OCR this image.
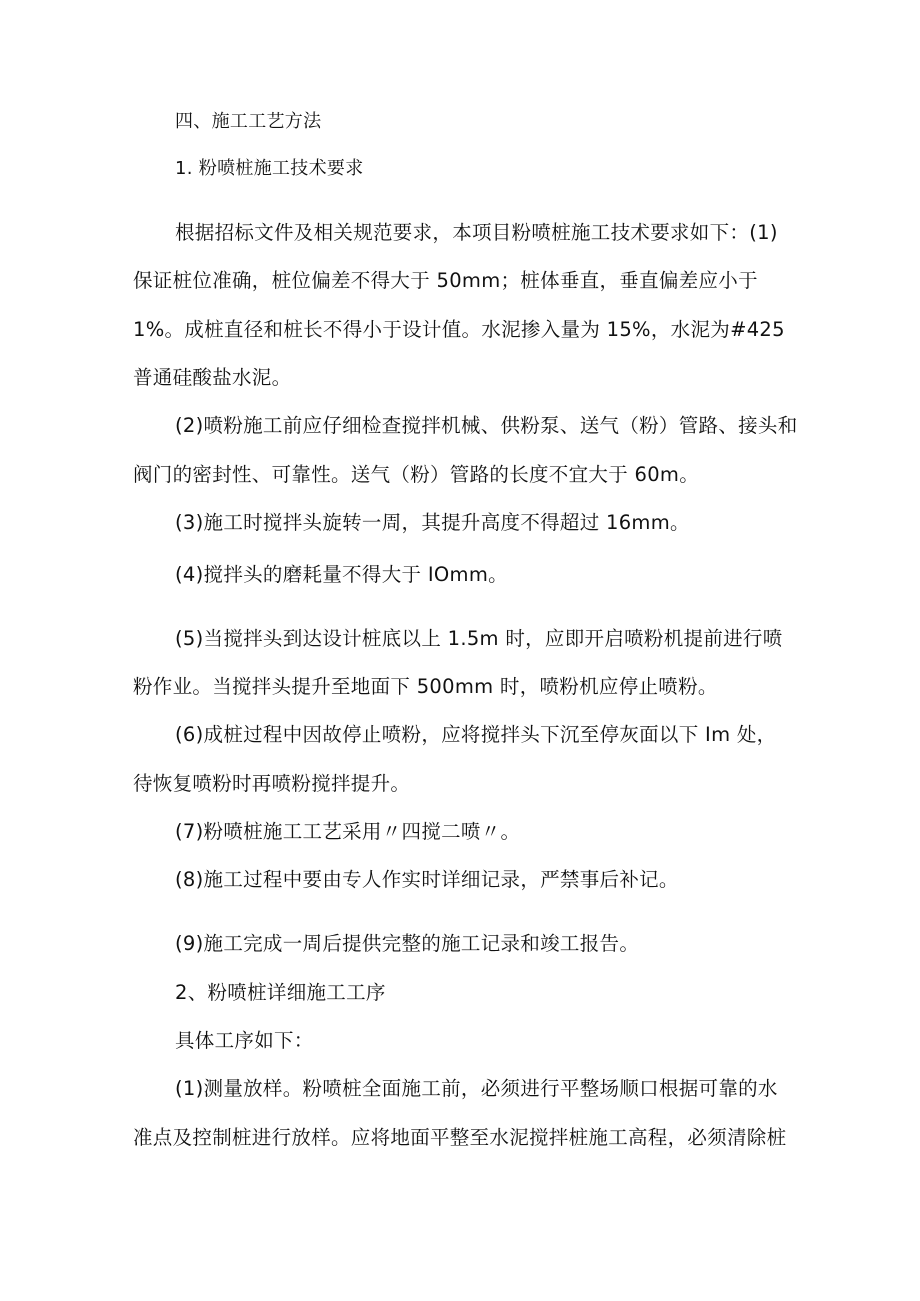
四、施工工艺方法
1. 粉喷桩施工技术要求
根据招标文件及相关规范要求，本项目粉喷桩施工技术要求如下：(1)
保证桩位准确，桩位偏差不得大于 50mm；桩体垂直，垂直偏差应小于
1%。成桩直径和桩长不得小于设计值。水泥掺入量为 15%，水泥为#425
普通硅酸盐水泥。
(2)喷粉施工前应仔细检查搅拌机械、供粉泵、送气（粉）管路、接头和
阀门的密封性、可靠性。送气（粉）管路的长度不宜大于 60m。
(3)施工时搅拌头旋转一周，其提升高度不得超过 16mm。
(4)搅拌头的磨耗量不得大于 IOmm。
(5)当搅拌头到达设计桩底以上 1.5m 时，应即开启喷粉机提前进行喷
粉作业。当搅拌头提升至地面下 500mm 时，喷粉机应停止喷粉。
(6)成桩过程中因故停止喷粉，应将搅拌头下沉至停灰面以下 Im 处，
待恢复喷粉时再喷粉搅拌提升。
(7)粉喷桩施工工艺采用〃四搅二喷〃。
(8)施工过程中要由专人作实时详细记录，严禁事后补记。
(9)施工完成一周后提供完整的施工记录和竣工报告。
2、粉喷桩详细施工工序
具体工序如下：
(1)测量放样。粉喷桩全面施工前，必须进行平整场顺口根据可靠的水
准点及控制桩进行放样。应将地面平整至水泥搅拌桩施工高程，必须清除桩
